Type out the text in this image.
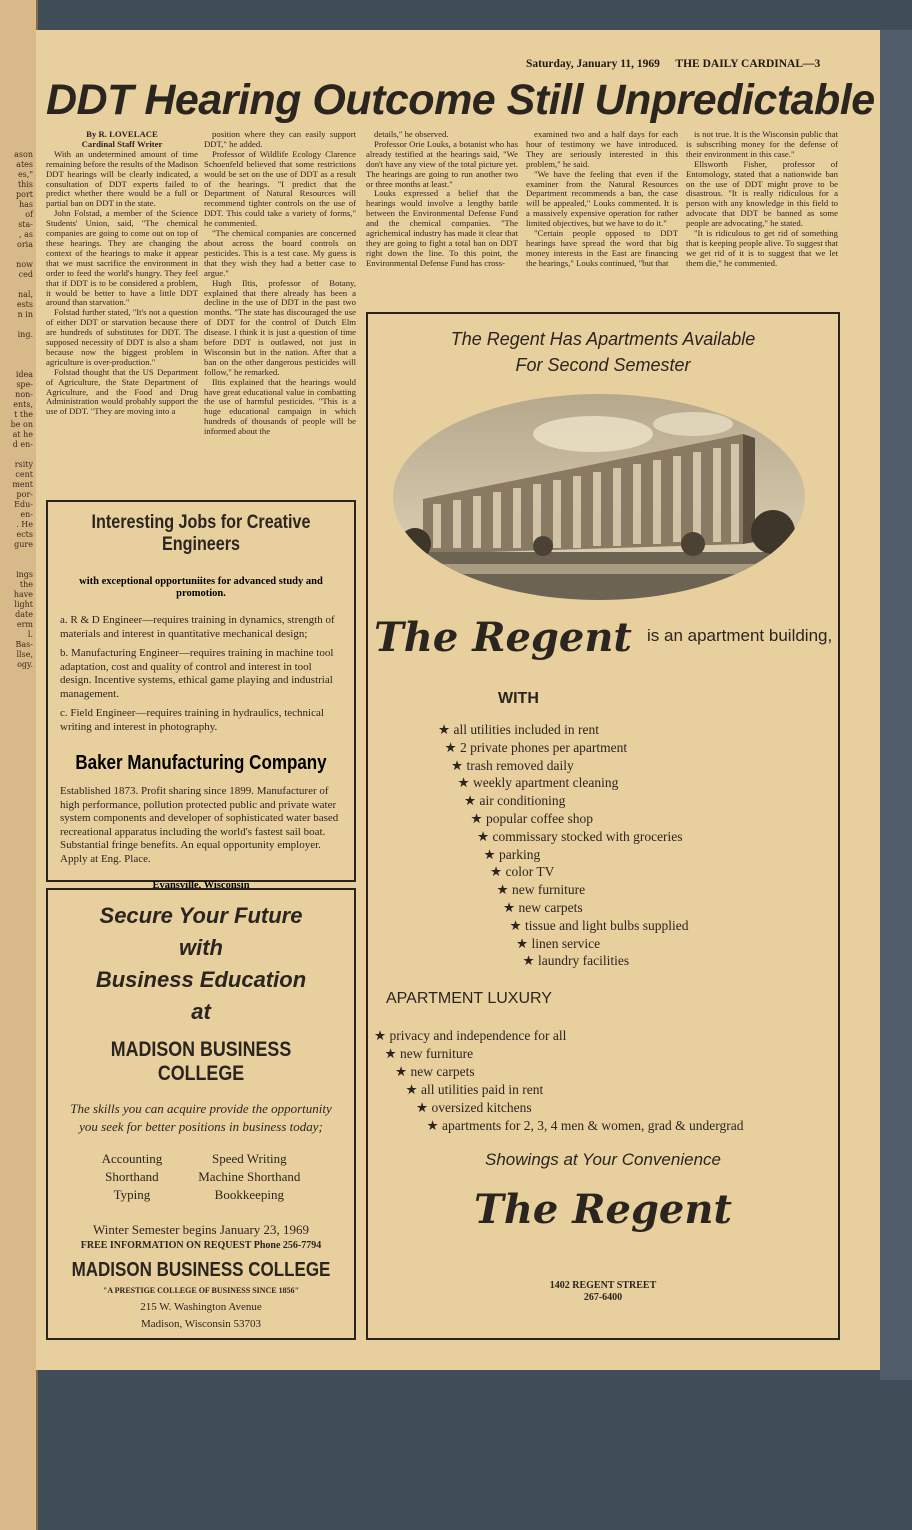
ason
ates
es,"
this
port
has
of
sta-
, as
oria

now
ced

nal,
ests
n in

ing.

idea
spe-
non-
ents,
t the
be on
at he
d en-

rsity
cent
ment
por-
Edu-
en-
. He
ects
gure

ings
the
have
light
date
erm
l.
Bas-
llse,
ogy.
Saturday, January 11, 1969 THE DAILY CARDINAL—3
DDT Hearing Outcome Still Unpredictable

By R. LOVELACE

Cardinal Staff Writer

With an undetermined amount of time remaining before the results of the Madison DDT hearings will be clearly indicated, a consultation of DDT experts failed to predict whether there would be a full or partial ban on DDT in the state.

John Folstad, a member of the Science Students' Union, said, "The chemical companies are going to come out on top of these hearings. They are changing the context of the hearings to make it appear that we must sacrifice the environment in order to feed the world's hungry. They feel that if DDT is to be considered a problem, it would be better to have a little DDT around than starvation."

Folstad further stated, "It's not a question of either DDT or starvation because there are hundreds of substitutes for DDT. The supposed necessity of DDT is also a sham because now the biggest problem in agriculture is over-production."

Folstad thought that the US Department of Agriculture, the State Department of Agriculture, and the Food and Drug Administration would probably support the use of DDT. "They are moving into a

position where they can easily support DDT," he added.

Professor of Wildlife Ecology Clarence Schoenfeld believed that some restrictions would be set on the use of DDT as a result of the hearings. "I predict that the Department of Natural Resources will recommend tighter controls on the use of DDT. This could take a variety of forms," he commented.

"The chemical companies are concerned about across the board controls on pesticides. This is a test case. My guess is that they wish they had a better case to argue."

Hugh Iltis, professor of Botany, explained that there already has been a decline in the use of DDT in the past two months. "The state has discouraged the use of DDT for the control of Dutch Elm disease. I think it is just a question of time before DDT is outlawed, not just in Wisconsin but in the nation. After that a ban on the other dangerous pesticides will follow," he remarked.

Iltis explained that the hearings would have great educational value in combatting the use of harmful pesticides. "This is a huge educational campaign in which hundreds of thousands of people will be informed about the

details," he observed.

Professor Orie Louks, a botanist who has already testified at the hearings said, "We don't have any view of the total picture yet. The hearings are going to run another two or three months at least."

Louks expressed a belief that the hearings would involve a lengthy battle between the Environmental Defense Fund and the chemical companies. "The agrichemical industry has made it clear that they are going to fight a total ban on DDT right down the line. To this point, the Environmental Defense Fund has cross-

examined two and a half days for each hour of testimony we have introduced. They are seriously interested in this problem," he said.

"We have the feeling that even if the examiner from the Natural Resources Department recommends a ban, the case will be appealed," Louks commented. It is a massively expensive operation for rather limited objectives, but we have to do it."

"Certain people opposed to DDT hearings have spread the word that big money interests in the East are financing the hearings," Louks continued, "but that

is not true. It is the Wisconsin public that is subscribing money for the defense of their environment in this case."

Ellsworth Fisher, professor of Entomology, stated that a nationwide ban on the use of DDT might prove to be disastrous. "It is really ridiculous for a person with any knowledge in this field to advocate that DDT be banned as some people are advocating," he stated.

"It is ridiculous to get rid of something that is keeping people alive. To suggest that we get rid of it is to suggest that we let them die," he commented.

Interesting Jobs for Creative Engineers
with exceptional opportuniites for advanced study and promotion.

a. R & D Engineer—requires training in dynamics, strength of materials and interest in quantitative mechanical design;

b. Manufacturing Engineer—requires training in machine tool adaptation, cost and quality of control and interest in tool design. Incentive systems, ethical game playing and industrial management.

c. Field Engineer—requires training in hydraulics, technical writing and interest in photography.

Baker Manufacturing Company

Established 1873. Profit sharing since 1899. Manufacturer of high performance, pollution protected public and private water system components and developer of sophisticated water based recreational apparatus including the world's fastest sail boat. Substantial fringe benefits. An equal opportunity employer. Apply at Eng. Place.

Evansville, Wisconsin
Secure Your Future
with
Business Education
at
MADISON BUSINESS COLLEGE
The skills you can acquire provide the opportunity you seek for better positions in business today;
Accounting
Shorthand
Typing
Speed Writing
Machine Shorthand
Bookkeeping
Winter Semester begins January 23, 1969
FREE INFORMATION ON REQUEST Phone 256-7794
MADISON BUSINESS COLLEGE
"A PRESTIGE COLLEGE OF BUSINESS SINCE 1856"
215 W. Washington Avenue
Madison, Wisconsin 53703
The Regent Has Apartments Available
For Second Semester
The Regent is an apartment building,
WITH
★ all utilities included in rent
★ 2 private phones per apartment
★ trash removed daily
★ weekly apartment cleaning
★ air conditioning
★ popular coffee shop
★ commissary stocked with groceries
★ parking
★ color TV
★ new furniture
★ new carpets
★ tissue and light bulbs supplied
★ linen service
★ laundry facilities
APARTMENT LUXURY
★ privacy and independence for all
★ new furniture
★ new carpets
★ all utilities paid in rent
★ oversized kitchens
★ apartments for 2, 3, 4 men & women, grad & undergrad
Showings at Your Convenience
The Regent
1402 REGENT STREET
267-6400
